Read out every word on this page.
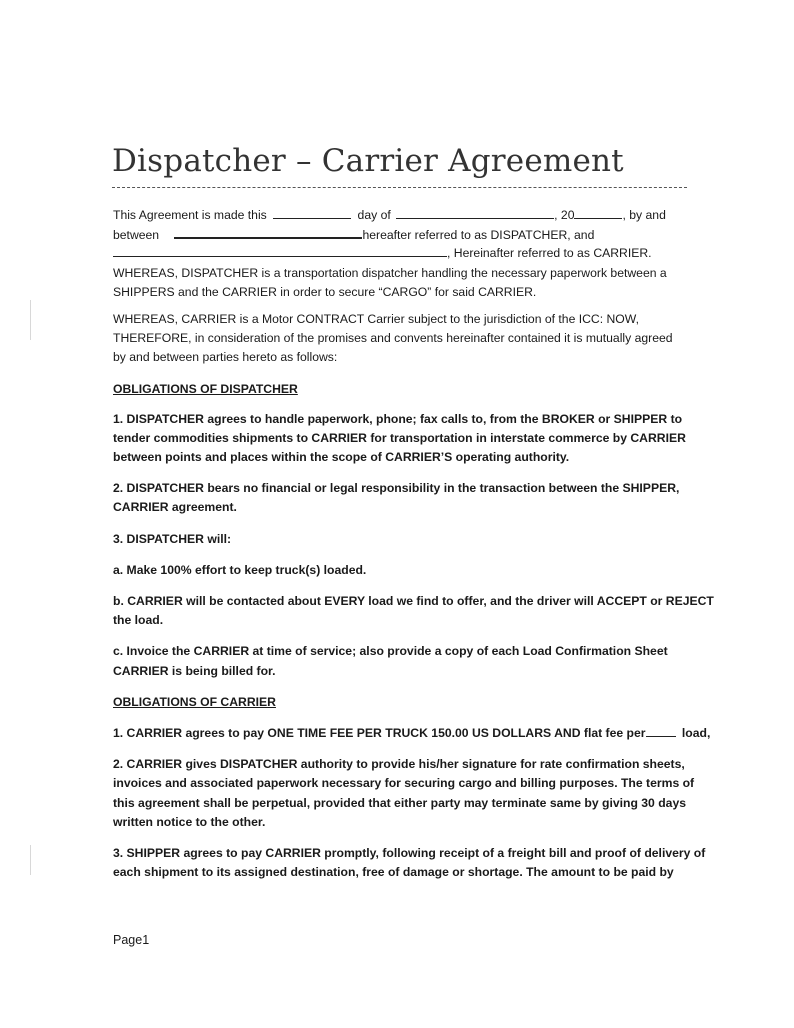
Dispatcher – Carrier Agreement
This Agreement is made this	day of	, 20	, by and
between	hereafter referred to as DISPATCHER, and
, Hereinafter referred to as CARRIER.
WHEREAS, DISPATCHER is a transportation dispatcher handling the necessary paperwork between a
SHIPPERS and the CARRIER in order to secure “CARGO” for said CARRIER.
WHEREAS, CARRIER is a Motor CONTRACT Carrier subject to the jurisdiction of the ICC: NOW,
THEREFORE, in consideration of the promises and convents hereinafter contained it is mutually agreed
by and between parties hereto as follows:
OBLIGATIONS OF DISPATCHER
1. DISPATCHER agrees to handle paperwork, phone; fax calls to, from the BROKER or SHIPPER to
tender commodities shipments to CARRIER for transportation in interstate commerce by CARRIER
between points and places within the scope of CARRIER’S operating authority.
2. DISPATCHER bears no financial or legal responsibility in the transaction between the SHIPPER,
CARRIER agreement.
3. DISPATCHER will:
a. Make 100% effort to keep truck(s) loaded.
b. CARRIER will be contacted about EVERY load we find to offer, and the driver will ACCEPT or REJECT
the load.
c. Invoice the CARRIER at time of service; also provide a copy of each Load Confirmation Sheet
CARRIER is being billed for.
OBLIGATIONS OF CARRIER
1. CARRIER agrees to pay ONE TIME FEE PER TRUCK 150.00 US DOLLARS AND flat fee per	load,
2. CARRIER gives DISPATCHER authority to provide his/her signature for rate confirmation sheets,
invoices and associated paperwork necessary for securing cargo and billing purposes. The terms of
this agreement shall be perpetual, provided that either party may terminate same by giving 30 days
written notice to the other.
3. SHIPPER agrees to pay CARRIER promptly, following receipt of a freight bill and proof of delivery of
each shipment to its assigned destination, free of damage or shortage. The amount to be paid by
Page1
